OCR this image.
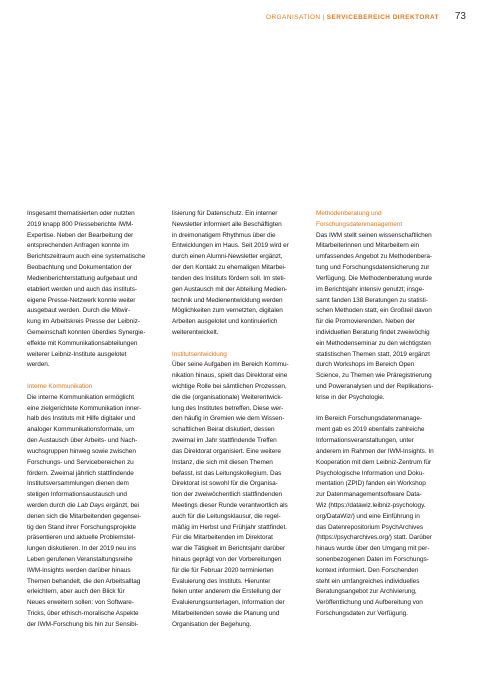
ORGANISATION | SERVICEBEREICH DIREKTORAT 73

Insgesamt thematisierten oder nutzten
2019 knapp 800 Presseberichte IWM-
Expertise. Neben der Bearbeitung der
entsprechenden Anfragen konnte im
Berichtszeitraum auch eine systematische
Beobachtung und Dokumentation der
Medienberichterstattung aufgebaut und
etabliert werden und auch das instituts-
eigene Presse-Netzwerk konnte weiter
ausgebaut werden. Durch die Mitwir-
kung im Arbeitskreis Presse der Leibniz-
Gemeinschaft konnten überdies Synergie-
effekte mit Kommunikationsabteilungen
weiterer Leibniz-Institute ausgelotet
werden.

Interne Kommunikation

Die interne Kommunikation ermöglicht
eine zielgerichtete Kommunikation inner-
halb des Instituts mit Hilfe digitaler und
analoger Kommunikationsformate, um
den Austausch über Arbeits- und Nach-
wuchsgruppen hinweg sowie zwischen
Forschungs- und Servicebereichen zu
fördern. Zweimal jährlich stattfindende
Institutsversammlungen dienen dem
stetigen Informationsaustausch und
werden durch die Lab Days ergänzt, bei
denen sich die Mitarbeitenden gegensei-
tig den Stand ihrer Forschungsprojekte
präsentieren und aktuelle Problemstel-
lungen diskutieren. In der 2019 neu ins
Leben gerufenen Veranstaltungsreihe
IWM-Insights werden darüber hinaus
Themen behandelt, die den Arbeitsalltag
erleichtern, aber auch den Blick für
Neues erweitern sollen: von Software-
Tricks, über ethisch-moralische Aspekte
der IWM-Forschung bis hin zur Sensibi-

lisierung für Datenschutz. Ein interner
Newsletter informiert alle Beschäftigten
in dreimonatigem Rhythmus über die
Entwicklungen im Haus. Seit 2019 wird er
durch einen Alumni-Newsletter ergänzt,
der den Kontakt zu ehemaligen Mitarbei-
tenden des Instituts fördern soll. Im steti-
gen Austausch mit der Abteilung Medien-
technik und Medienentwicklung werden
Möglichkeiten zum vernetzten, digitalen
Arbeiten ausgelotet und kontinuierlich
weiterentwickelt.

Institutsentwicklung

Über seine Aufgaben im Bereich Kommu-
nikation hinaus, spielt das Direktorat eine
wichtige Rolle bei sämtlichen Prozessen,
die die (organisationale) Weiterentwick-
lung des Institutes betreffen. Diese wer-
den häufig in Gremien wie dem Wissen-
schaftlichen Beirat diskutiert, dessen
zweimal im Jahr stattfindende Treffen
das Direktorat organisiert. Eine weitere
Instanz, die sich mit diesen Themen
befasst, ist das Leitungskollegium. Das
Direktorat ist sowohl für die Organisa-
tion der zweiwöchentlich stattfindenden
Meetings dieser Runde verantwortlich als
auch für die Leitungsklausur, die regel-
mäßig im Herbst und Frühjahr stattfindet.
Für die Mitarbeitenden im Direktorat
war die Tätigkeit im Berichtsjahr darüber
hinaus geprägt von der Vorbereitungen
für die für Februar 2020 terminierten
Evaluierung des Instituts. Hierunter
fielen unter anderem die Erstellung der
Evaluierungsunterlagen, Information der
Mitarbeitenden sowie die Planung und
Organisation der Begehung.

Methodenberatung und
Forschungsdatenmanagement

Das IWM stellt seinen wissenschaftlichen
Mitarbeiterinnen und Mitarbeitern ein
umfassendes Angebot zu Methodenbera-
tung und Forschungsdatensicherung zur
Verfügung. Die Methodenberatung wurde
im Berichtsjahr intensiv genutzt; insge-
samt fanden 138 Beratungen zu statisti-
schen Methoden statt, ein Großteil davon
für die Promovierenden. Neben der
individuellen Beratung findet zweiwöchig
ein Methodenseminar zu den wichtigsten
statistischen Themen statt, 2019 ergänzt
durch Workshops im Bereich Open
Science, zu Themen wie Präregistrierung
und Poweranalysen und der Replikations-
krise in der Psychologie.

Im Bereich Forschungsdatenmanage-
ment gab es 2019 ebenfalls zahlreiche
Informationsveranstaltungen, unter
anderem im Rahmen der IWM-Insights. In
Kooperation mit dem Leibniz-Zentrum für
Psychologische Information und Doku-
mentation (ZPID) fanden ein Workshop
zur Datenmanagementsoftware Data-
Wiz (https://datawiz.leibniz-psychology.
org/DataWiz/) und eine Einführung in
das Datenrepositorium PsychArchives
(https://psycharchives.org/) statt. Darüber
hinaus wurde über den Umgang mit per-
sonenbezogenen Daten im Forschungs-
kontext informiert. Den Forschenden
steht ein umfangreiches individuelles
Beratungsangebot zur Archivierung,
Veröffentlichung und Aufbereitung von
Forschungsdaten zur Verfügung.
